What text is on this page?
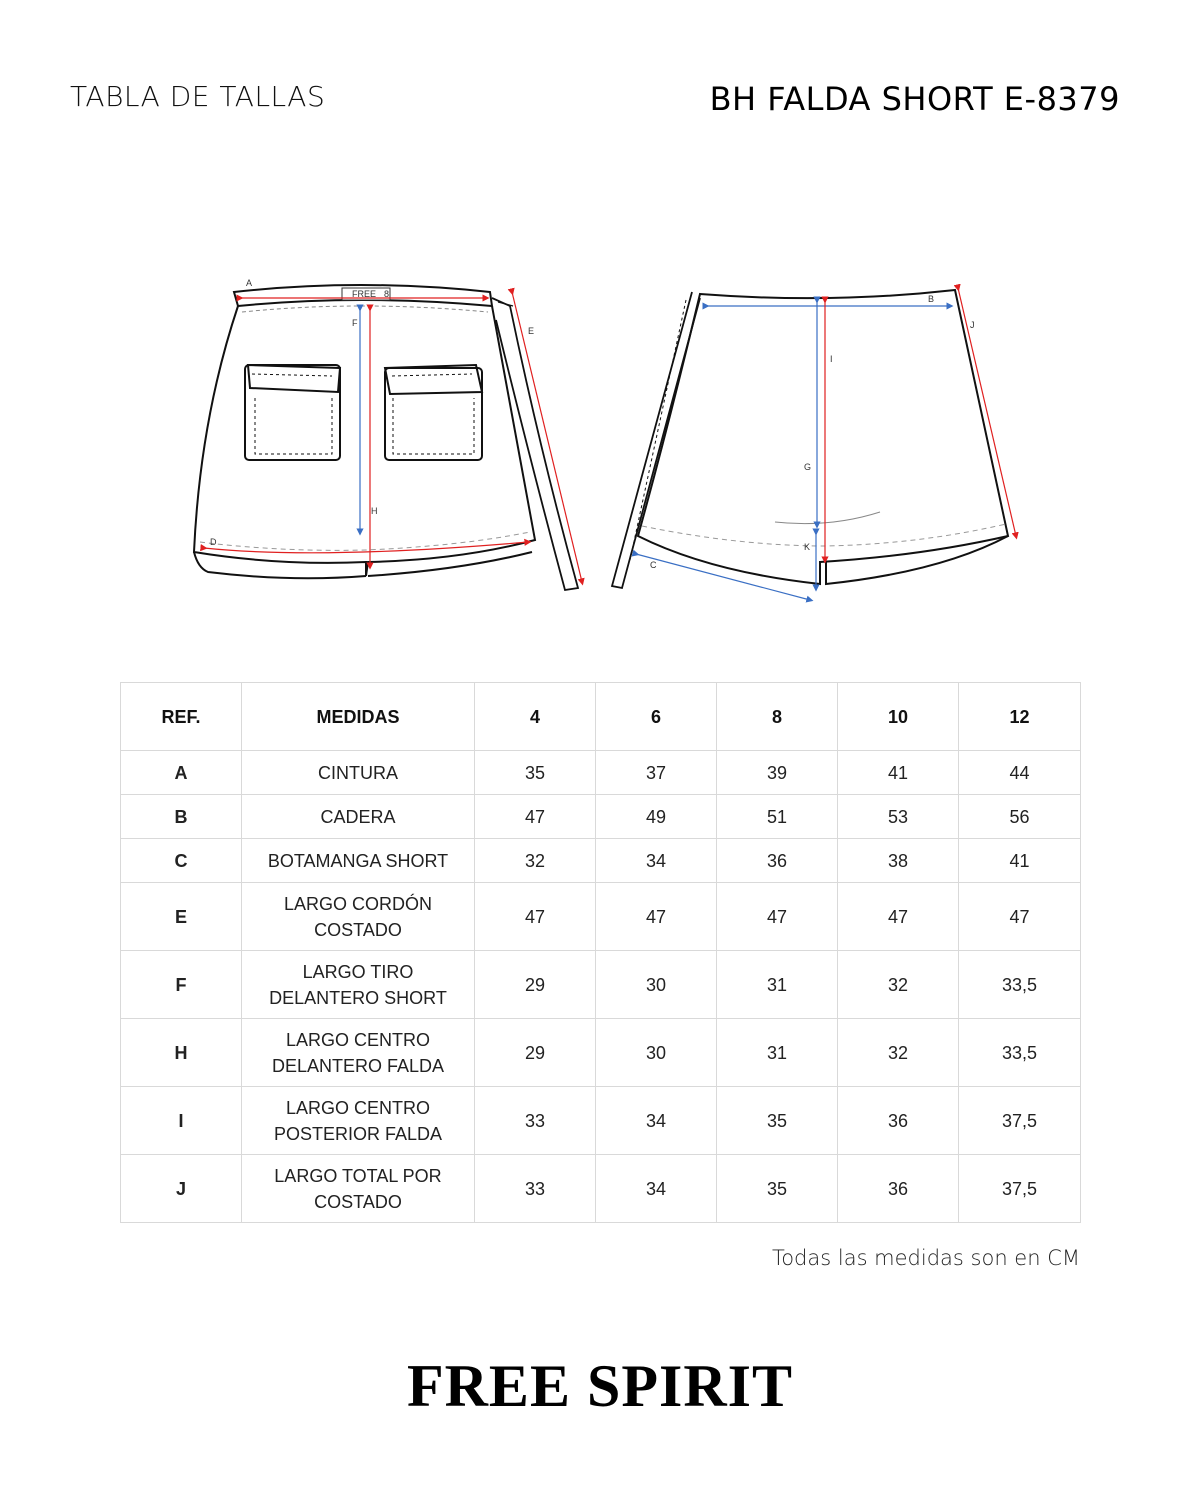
TABLA DE TALLAS	BH FALDA SHORT E-8379
FREE 8
A
F
E
H
D
B
J
I
G
K
C
REF.	MEDIDAS	4	6	8	10	12
A	CINTURA	35	37	39	41	44
B	CADERA	47	49	51	53	56
C	BOTAMANGA SHORT	32	34	36	38	41
E	LARGO CORDÓN COSTADO	47	47	47	47	47
F	LARGO TIRO DELANTERO SHORT	29	30	31	32	33,5
H	LARGO CENTRO DELANTERO FALDA	29	30	31	32	33,5
I	LARGO CENTRO POSTERIOR FALDA	33	34	35	36	37,5
J	LARGO TOTAL POR COSTADO	33	34	35	36	37,5
Todas las medidas son en CM
FREE SPIRIT
